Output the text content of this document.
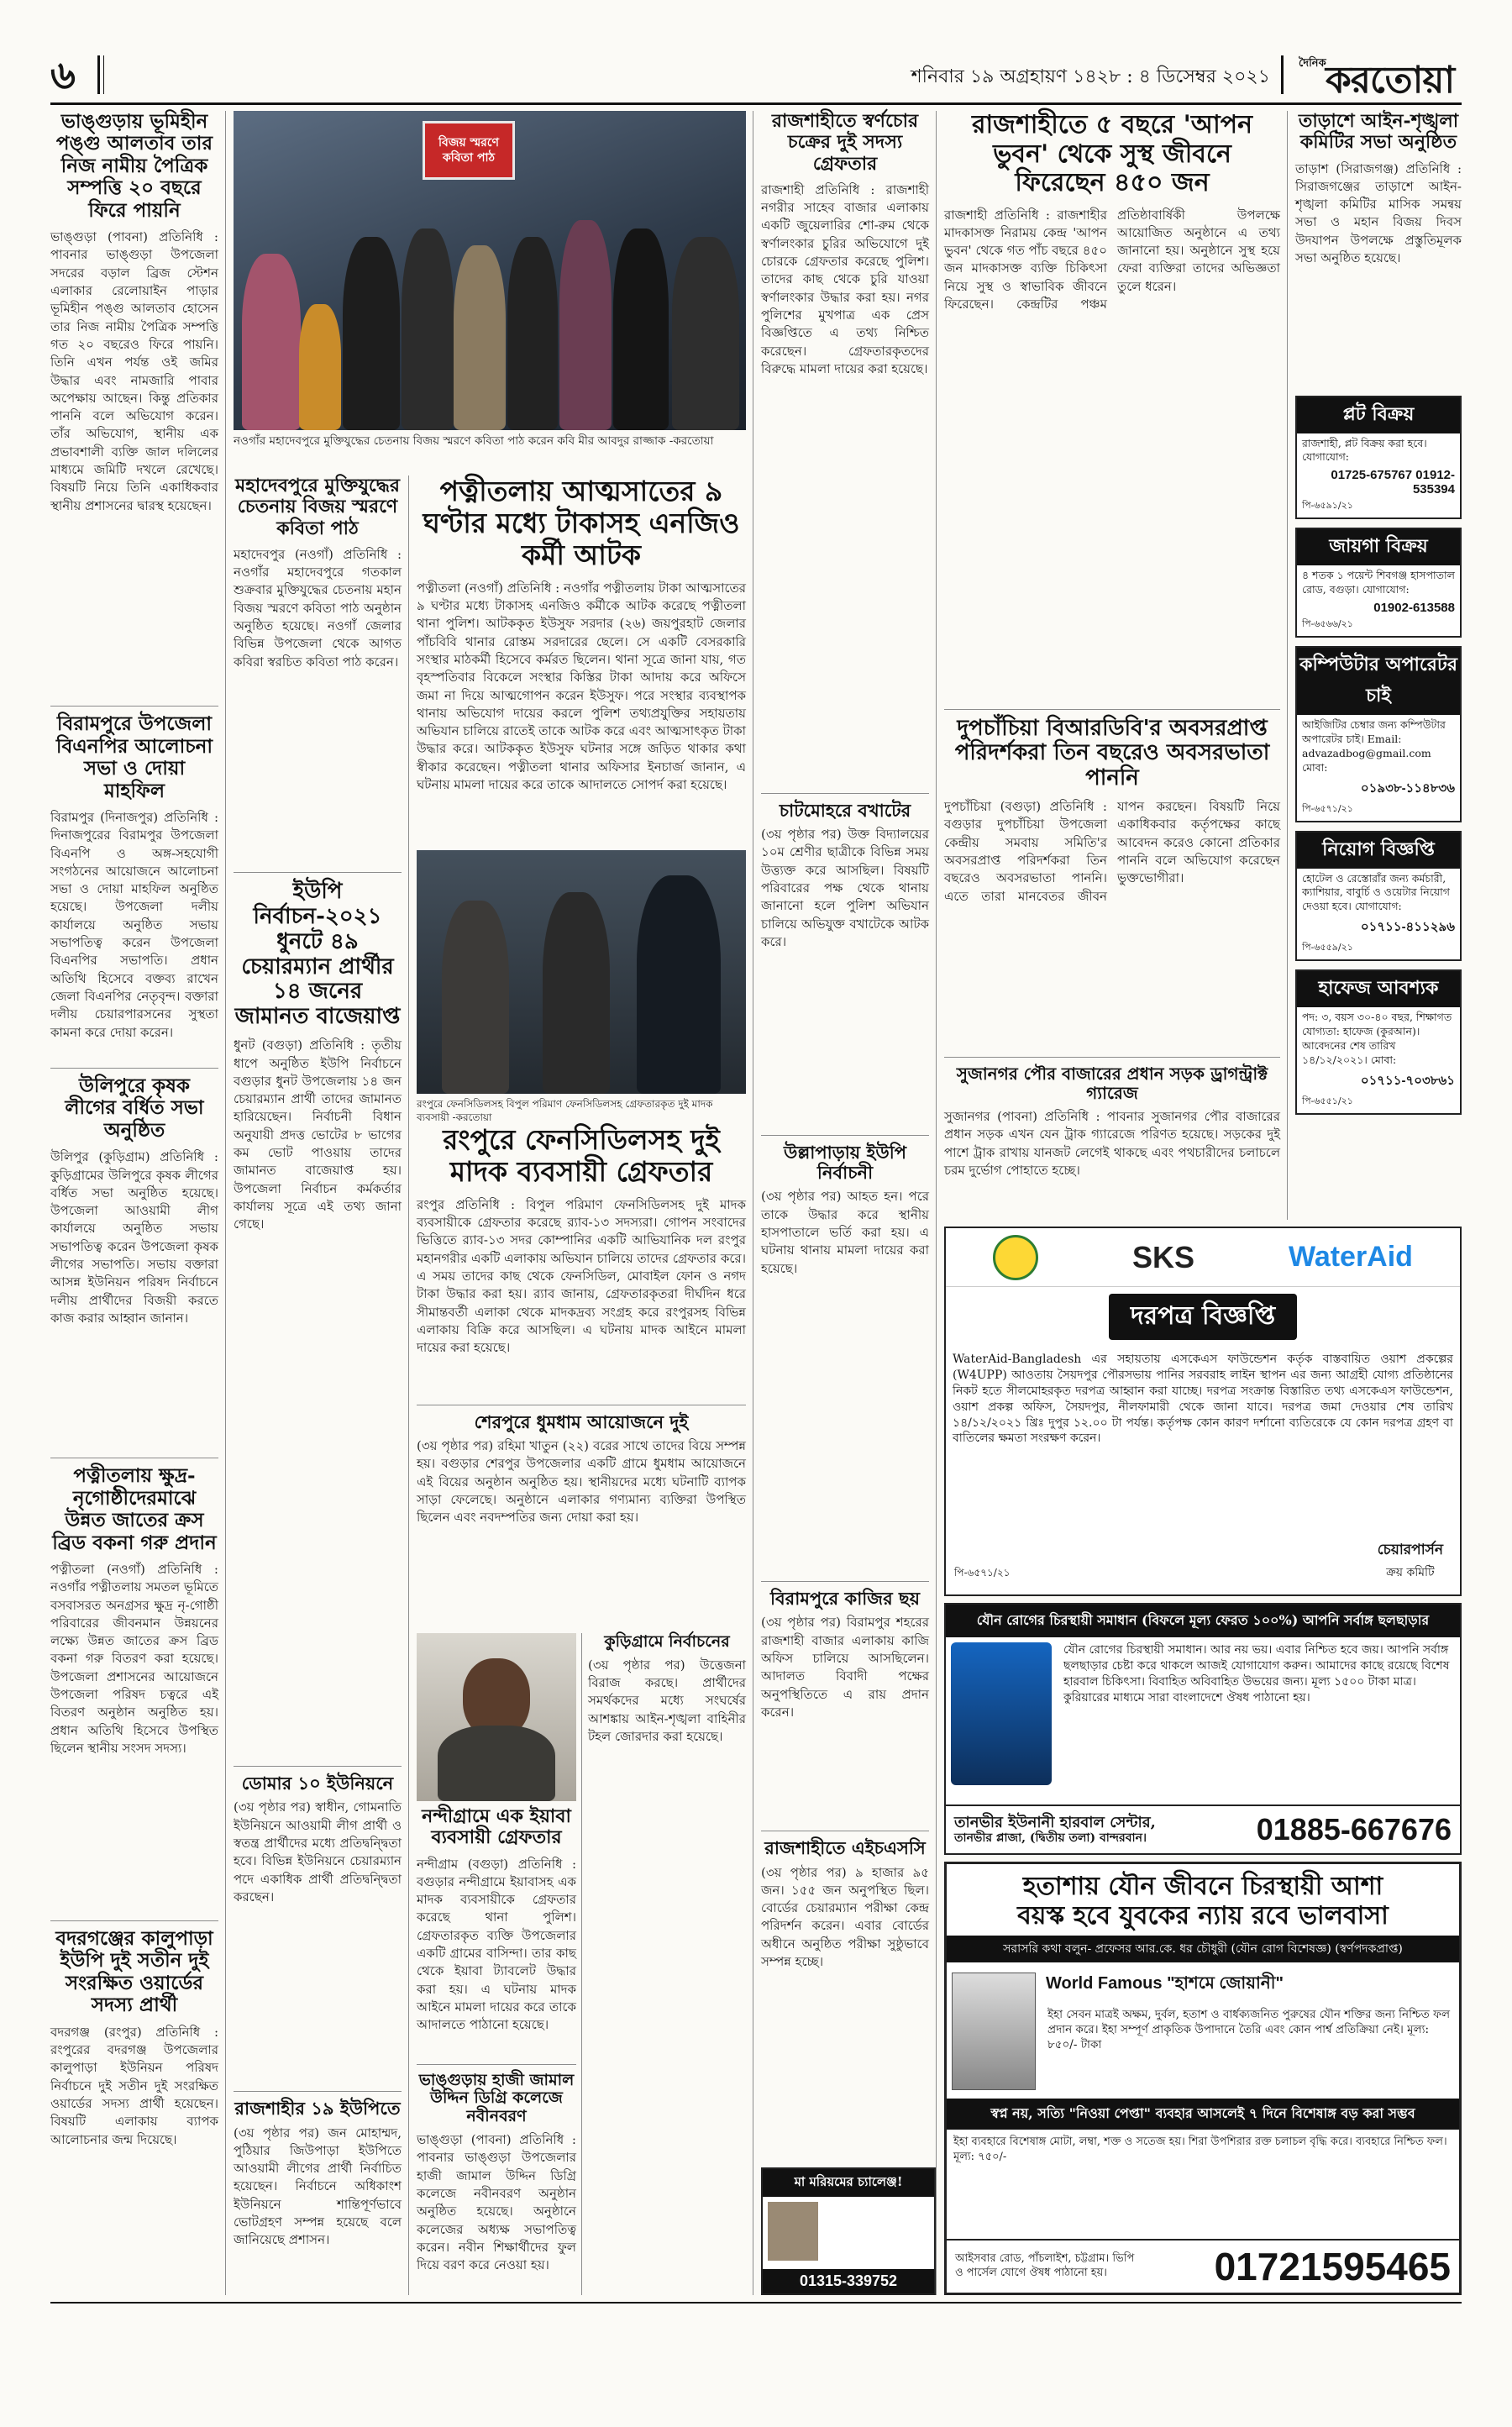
৬	শনিবার ১৯ অগ্রহায়ণ ১৪২৮ : ৪ ডিসেম্বর ২০২১
দৈনিক করতোয়া
ভাঙ্গুড়ায় ভূমিহীন পঙ্গু আলতাব তার নিজ নামীয় পৈত্রিক সম্পত্তি ২০ বছরে ফিরে পায়নি
ভাঙ্গুড়া (পাবনা) প্রতিনিধি : পাবনার ভাঙ্গুড়া উপজেলা সদরের বড়াল ব্রিজ স্টেশন এলাকার রেলোয়াইন পাড়ার ভূমিহীন পঙ্গু আলতাব হোসেন তার নিজ নামীয় পৈত্রিক সম্পত্তি গত ২০ বছরেও ফিরে পায়নি। তিনি এখন পর্যন্ত ওই জমির উদ্ধার এবং নামজারি পাবার অপেক্ষায় আছেন। কিন্তু প্রতিকার পাননি বলে অভিযোগ করেন। তাঁর অভিযোগ, স্থানীয় এক প্রভাবশালী ব্যক্তি জাল দলিলের মাধ্যমে জমিটি দখলে রেখেছে। বিষয়টি নিয়ে তিনি একাধিকবার স্থানীয় প্রশাসনের দ্বারস্থ হয়েছেন।
বিরামপুরে উপজেলা বিএনপির আলোচনা সভা ও দোয়া মাহফিল
বিরামপুর (দিনাজপুর) প্রতিনিধি : দিনাজপুরের বিরামপুর উপজেলা বিএনপি ও অঙ্গ-সহযোগী সংগঠনের আয়োজনে আলোচনা সভা ও দোয়া মাহফিল অনুষ্ঠিত হয়েছে। উপজেলা দলীয় কার্যালয়ে অনুষ্ঠিত সভায় সভাপতিত্ব করেন উপজেলা বিএনপির সভাপতি। প্রধান অতিথি হিসেবে বক্তব্য রাখেন জেলা বিএনপির নেতৃবৃন্দ। বক্তারা দলীয় চেয়ারপারসনের সুস্থতা কামনা করে দোয়া করেন।
উলিপুরে কৃষক লীগের বর্ধিত সভা অনুষ্ঠিত
উলিপুর (কুড়িগ্রাম) প্রতিনিধি : কুড়িগ্রামের উলিপুরে কৃষক লীগের বর্ধিত সভা অনুষ্ঠিত হয়েছে। উপজেলা আওয়ামী লীগ কার্যালয়ে অনুষ্ঠিত সভায় সভাপতিত্ব করেন উপজেলা কৃষক লীগের সভাপতি। সভায় বক্তারা আসন্ন ইউনিয়ন পরিষদ নির্বাচনে দলীয় প্রার্থীদের বিজয়ী করতে কাজ করার আহ্বান জানান।
পত্নীতলায় ক্ষুদ্র-নৃগোষ্ঠীদেরমাঝে উন্নত জাতের ক্রস ব্রিড বকনা গরু প্রদান
পত্নীতলা (নওগাঁ) প্রতিনিধি : নওগাঁর পত্নীতলায় সমতল ভূমিতে বসবাসরত অনগ্রসর ক্ষুদ্র নৃ-গোষ্ঠী পরিবারের জীবনমান উন্নয়নের লক্ষ্যে উন্নত জাতের ক্রস ব্রিড বকনা গরু বিতরণ করা হয়েছে। উপজেলা প্রশাসনের আয়োজনে উপজেলা পরিষদ চত্বরে এই বিতরণ অনুষ্ঠান অনুষ্ঠিত হয়। প্রধান অতিথি হিসেবে উপস্থিত ছিলেন স্থানীয় সংসদ সদস্য।
বদরগঞ্জের কালুপাড়া ইউপি দুই সতীন দুই সংরক্ষিত ওয়ার্ডের সদস্য প্রার্থী
বদরগঞ্জ (রংপুর) প্রতিনিধি : রংপুরের বদরগঞ্জ উপজেলার কালুপাড়া ইউনিয়ন পরিষদ নির্বাচনে দুই সতীন দুই সংরক্ষিত ওয়ার্ডের সদস্য প্রার্থী হয়েছেন। বিষয়টি এলাকায় ব্যাপক আলোচনার জন্ম দিয়েছে।
বিজয় স্মরণে কবিতা পাঠ
নওগাঁর মহাদেবপুরে মুক্তিযুদ্ধের চেতনায় বিজয় স্মরণে কবিতা পাঠ করেন কবি মীর আবদুর রাজ্জাক -করতোয়া
মহাদেবপুরে মুক্তিযুদ্ধের চেতনায় বিজয় স্মরণে কবিতা পাঠ
মহাদেবপুর (নওগাঁ) প্রতিনিধি : নওগাঁর মহাদেবপুরে গতকাল শুক্রবার মুক্তিযুদ্ধের চেতনায় মহান বিজয় স্মরণে কবিতা পাঠ অনুষ্ঠান অনুষ্ঠিত হয়েছে। নওগাঁ জেলার বিভিন্ন উপজেলা থেকে আগত কবিরা স্বরচিত কবিতা পাঠ করেন।
ইউপি নির্বাচন-২০২১ ধুনটে ৪৯ চেয়ারম্যান প্রার্থীর ১৪ জনের জামানত বাজেয়াপ্ত
ধুনট (বগুড়া) প্রতিনিধি : তৃতীয় ধাপে অনুষ্ঠিত ইউপি নির্বাচনে বগুড়ার ধুনট উপজেলায় ১৪ জন চেয়ারম্যান প্রার্থী তাদের জামানত হারিয়েছেন। নির্বাচনী বিধান অনুযায়ী প্রদত্ত ভোটের ৮ ভাগের কম ভোট পাওয়ায় তাদের জামানত বাজেয়াপ্ত হয়। উপজেলা নির্বাচন কর্মকর্তার কার্যালয় সূত্রে এই তথ্য জানা গেছে।
ডোমার ১০ ইউনিয়নে
(৩য় পৃষ্ঠার পর) স্বাধীন, গোমনাতি ইউনিয়নে আওয়ামী লীগ প্রার্থী ও স্বতন্ত্র প্রার্থীদের মধ্যে প্রতিদ্বন্দ্বিতা হবে। বিভিন্ন ইউনিয়নে চেয়ারম্যান পদে একাধিক প্রার্থী প্রতিদ্বন্দ্বিতা করছেন।
রাজশাহীর ১৯ ইউপিতে
(৩য় পৃষ্ঠার পর) জন মোহাম্মদ, পুঠিয়ার জিউপাড়া ইউপিতে আওয়ামী লীগের প্রার্থী নির্বাচিত হয়েছেন। নির্বাচনে অধিকাংশ ইউনিয়নে শান্তিপূর্ণভাবে ভোটগ্রহণ সম্পন্ন হয়েছে বলে জানিয়েছে প্রশাসন।
পত্নীতলায় আত্মসাতের ৯ ঘণ্টার মধ্যে টাকাসহ এনজিও কর্মী আটক
পত্নীতলা (নওগাঁ) প্রতিনিধি : নওগাঁর পত্নীতলায় টাকা আত্মসাতের ৯ ঘণ্টার মধ্যে টাকাসহ এনজিও কর্মীকে আটক করেছে পত্নীতলা থানা পুলিশ। আটককৃত ইউসুফ সরদার (২৬) জয়পুরহাট জেলার পাঁচবিবি থানার রোস্তম সরদারের ছেলে। সে একটি বেসরকারি সংস্থার মাঠকর্মী হিসেবে কর্মরত ছিলেন। থানা সূত্রে জানা যায়, গত বৃহস্পতিবার বিকেলে সংস্থার কিস্তির টাকা আদায় করে অফিসে জমা না দিয়ে আত্মগোপন করেন ইউসুফ। পরে সংস্থার ব্যবস্থাপক থানায় অভিযোগ দায়ের করলে পুলিশ তথ্যপ্রযুক্তির সহায়তায় অভিযান চালিয়ে রাতেই তাকে আটক করে এবং আত্মসাৎকৃত টাকা উদ্ধার করে। আটককৃত ইউসুফ ঘটনার সঙ্গে জড়িত থাকার কথা স্বীকার করেছেন। পত্নীতলা থানার অফিসার ইনচার্জ জানান, এ ঘটনায় মামলা দায়ের করে তাকে আদালতে সোপর্দ করা হয়েছে।
রংপুরে ফেনসিডিলসহ বিপুল পরিমাণ ফেনসিডিলসহ গ্রেফতারকৃত দুই মাদক ব্যবসায়ী -করতোয়া
রংপুরে ফেনসিডিলসহ দুই মাদক ব্যবসায়ী গ্রেফতার
রংপুর প্রতিনিধি : বিপুল পরিমাণ ফেনসিডিলসহ দুই মাদক ব্যবসায়ীকে গ্রেফতার করেছে র‍্যাব-১৩ সদস্যরা। গোপন সংবাদের ভিত্তিতে র‍্যাব-১৩ সদর কোম্পানির একটি আভিযানিক দল রংপুর মহানগরীর একটি এলাকায় অভিযান চালিয়ে তাদের গ্রেফতার করে। এ সময় তাদের কাছ থেকে ফেনসিডিল, মোবাইল ফোন ও নগদ টাকা উদ্ধার করা হয়। র‍্যাব জানায়, গ্রেফতারকৃতরা দীর্ঘদিন ধরে সীমান্তবর্তী এলাকা থেকে মাদকদ্রব্য সংগ্রহ করে রংপুরসহ বিভিন্ন এলাকায় বিক্রি করে আসছিল। এ ঘটনায় মাদক আইনে মামলা দায়ের করা হয়েছে।
শেরপুরে ধুমধাম আয়োজনে দুই
(৩য় পৃষ্ঠার পর) রহিমা খাতুন (২২) বরের সাথে তাদের বিয়ে সম্পন্ন হয়। বগুড়ার শেরপুর উপজেলার একটি গ্রামে ধুমধাম আয়োজনে এই বিয়ের অনুষ্ঠান অনুষ্ঠিত হয়। স্থানীয়দের মধ্যে ঘটনাটি ব্যাপক সাড়া ফেলেছে। অনুষ্ঠানে এলাকার গণ্যমান্য ব্যক্তিরা উপস্থিত ছিলেন এবং নবদম্পতির জন্য দোয়া করা হয়।
নন্দীগ্রামে এক ইয়াবা ব্যবসায়ী গ্রেফতার
নন্দীগ্রাম (বগুড়া) প্রতিনিধি : বগুড়ার নন্দীগ্রামে ইয়াবাসহ এক মাদক ব্যবসায়ীকে গ্রেফতার করেছে থানা পুলিশ। গ্রেফতারকৃত ব্যক্তি উপজেলার একটি গ্রামের বাসিন্দা। তার কাছ থেকে ইয়াবা ট্যাবলেট উদ্ধার করা হয়। এ ঘটনায় মাদক আইনে মামলা দায়ের করে তাকে আদালতে পাঠানো হয়েছে।
ভাঙ্গুড়ায় হাজী জামাল উদ্দিন ডিগ্রি কলেজে নবীনবরণ
ভাঙ্গুড়া (পাবনা) প্রতিনিধি : পাবনার ভাঙ্গুড়া উপজেলার হাজী জামাল উদ্দিন ডিগ্রি কলেজে নবীনবরণ অনুষ্ঠান অনুষ্ঠিত হয়েছে। অনুষ্ঠানে কলেজের অধ্যক্ষ সভাপতিত্ব করেন। নবীন শিক্ষার্থীদের ফুল দিয়ে বরণ করে নেওয়া হয়।
কুড়িগ্রামে নির্বাচনের
(৩য় পৃষ্ঠার পর) উত্তেজনা বিরাজ করছে। প্রার্থীদের সমর্থকদের মধ্যে সংঘর্ষের আশঙ্কায় আইন-শৃঙ্খলা বাহিনীর টহল জোরদার করা হয়েছে।
রাজশাহীতে স্বর্ণচোর চক্রের দুই সদস্য গ্রেফতার
রাজশাহী প্রতিনিধি : রাজশাহী নগরীর সাহেব বাজার এলাকায় একটি জুয়েলারির শো-রুম থেকে স্বর্ণালংকার চুরির অভিযোগে দুই চোরকে গ্রেফতার করেছে পুলিশ। তাদের কাছ থেকে চুরি যাওয়া স্বর্ণালংকার উদ্ধার করা হয়। নগর পুলিশের মুখপাত্র এক প্রেস বিজ্ঞপ্তিতে এ তথ্য নিশ্চিত করেছেন। গ্রেফতারকৃতদের বিরুদ্ধে মামলা দায়ের করা হয়েছে।
চাটমোহরে বখাটের
(৩য় পৃষ্ঠার পর) উক্ত বিদ্যালয়ের ১০ম শ্রেণীর ছাত্রীকে বিভিন্ন সময় উত্ত্যক্ত করে আসছিল। বিষয়টি পরিবারের পক্ষ থেকে থানায় জানানো হলে পুলিশ অভিযান চালিয়ে অভিযুক্ত বখাটেকে আটক করে।
উল্লাপাড়ায় ইউপি নির্বাচনী
(৩য় পৃষ্ঠার পর) আহত হন। পরে তাকে উদ্ধার করে স্থানীয় হাসপাতালে ভর্তি করা হয়। এ ঘটনায় থানায় মামলা দায়ের করা হয়েছে।
বিরামপুরে কাজির ছয়
(৩য় পৃষ্ঠার পর) বিরামপুর শহরের রাজশাহী বাজার এলাকায় কাজি অফিস চালিয়ে আসছিলেন। আদালত বিবাদী পক্ষের অনুপস্থিতিতে এ রায় প্রদান করেন।
রাজশাহীতে এইচএসসি
(৩য় পৃষ্ঠার পর) ৯ হাজার ৯৫ জন। ১৫৫ জন অনুপস্থিত ছিল। বোর্ডের চেয়ারম্যান পরীক্ষা কেন্দ্র পরিদর্শন করেন। এবার বোর্ডের অধীনে অনুষ্ঠিত পরীক্ষা সুষ্ঠুভাবে সম্পন্ন হচ্ছে।
রাজশাহীতে ৫ বছরে 'আপন ভুবন' থেকে সুস্থ জীবনে ফিরেছেন ৪৫০ জন
রাজশাহী প্রতিনিধি : রাজশাহীর মাদকাসক্ত নিরাময় কেন্দ্র 'আপন ভুবন' থেকে গত পাঁচ বছরে ৪৫০ জন মাদকাসক্ত ব্যক্তি চিকিৎসা নিয়ে সুস্থ ও স্বাভাবিক জীবনে ফিরেছেন। কেন্দ্রটির পঞ্চম প্রতিষ্ঠাবার্ষিকী উপলক্ষে আয়োজিত অনুষ্ঠানে এ তথ্য জানানো হয়। অনুষ্ঠানে সুস্থ হয়ে ফেরা ব্যক্তিরা তাদের অভিজ্ঞতা তুলে ধরেন।
দুপচাঁচিয়া বিআরডিবি'র অবসরপ্রাপ্ত পরিদর্শকরা তিন বছরেও অবসরভাতা পাননি
দুপচাঁচিয়া (বগুড়া) প্রতিনিধি : বগুড়ার দুপচাঁচিয়া উপজেলা কেন্দ্রীয় সমবায় সমিতি'র অবসরপ্রাপ্ত পরিদর্শকরা তিন বছরেও অবসরভাতা পাননি। এতে তারা মানবেতর জীবন যাপন করছেন। বিষয়টি নিয়ে একাধিকবার কর্তৃপক্ষের কাছে আবেদন করেও কোনো প্রতিকার পাননি বলে অভিযোগ করেছেন ভুক্তভোগীরা।
সুজানগর পৌর বাজারের প্রধান সড়ক ড্রাগন্ট্রাক্ট গ্যারেজ
সুজানগর (পাবনা) প্রতিনিধি : পাবনার সুজানগর পৌর বাজারের প্রধান সড়ক এখন যেন ট্রাক গ্যারেজে পরিণত হয়েছে। সড়কের দুই পাশে ট্রাক রাখায় যানজট লেগেই থাকছে এবং পথচারীদের চলাচলে চরম দুর্ভোগ পোহাতে হচ্ছে।
তাড়াশে আইন-শৃঙ্খলা কমিটির সভা অনুষ্ঠিত
তাড়াশ (সিরাজগঞ্জ) প্রতিনিধি : সিরাজগঞ্জের তাড়াশে আইন-শৃঙ্খলা কমিটির মাসিক সমন্বয় সভা ও মহান বিজয় দিবস উদযাপন উপলক্ষে প্রস্তুতিমূলক সভা অনুষ্ঠিত হয়েছে।
প্লট বিক্রয়
রাজশাহী, প্লট বিক্রয় করা হবে। যোগাযোগ:
01725-675767 01912-535394
পি-৬৫৯১/২১
জায়গা বিক্রয়
৪ শতক ১ পয়েন্ট শিবগঞ্জ হাসপাতাল রোড, বগুড়া। যোগাযোগ:
01902-613588
পি-৬৫৬৬/২১
কম্পিউটার অপারেটর চাই
আইজিটির চেম্বার জন্য কম্পিউটার অপারেটর চাই। Email: advazadbog@gmail.com মোবা:
০১৯৩৮-১১৪৮৩৬
পি-৬৫৭১/২১
নিয়োগ বিজ্ঞপ্তি
হোটেল ও রেস্তোরাঁর জন্য কর্মচারী, ক্যাশিয়ার, বাবুর্চি ও ওয়েটার নিয়োগ দেওয়া হবে। যোগাযোগ:
০১৭১১-৪১১২৯৬
পি-৬৫৫৯/২১
হাফেজ আবশ্যক
পদ: ৩, বয়স ৩০-৪০ বছর, শিক্ষাগত যোগ্যতা: হাফেজ (কুরআন)। আবেদনের শেষ তারিখ ১৪/১২/২০২১। মোবা:
০১৭১১-৭০৩৮৬১
পি-৬৫৫১/২১
SKS	WaterAid
দরপত্র বিজ্ঞপ্তি
WaterAid-Bangladesh এর সহায়তায় এসকেএস ফাউন্ডেশন কর্তৃক বাস্তবায়িত ওয়াশ প্রকল্পের (W4UPP) আওতায় সৈয়দপুর পৌরসভায় পানির সরবরাহ লাইন স্থাপন এর জন্য আগ্রহী যোগ্য প্রতিষ্ঠানের নিকট হতে সীলমোহরকৃত দরপত্র আহ্বান করা যাচ্ছে। দরপত্র সংক্রান্ত বিস্তারিত তথ্য এসকেএস ফাউন্ডেশন, ওয়াশ প্রকল্প অফিস, সৈয়দপুর, নীলফামারী থেকে জানা যাবে। দরপত্র জমা দেওয়ার শেষ তারিখ ১৪/১২/২০২১ খ্রিঃ দুপুর ১২.০০ টা পর্যন্ত। কর্তৃপক্ষ কোন কারণ দর্শানো ব্যতিরেকে যে কোন দরপত্র গ্রহণ বা বাতিলের ক্ষমতা সংরক্ষণ করেন।
চেয়ারপার্সন
ক্রয় কমিটি
পি-৬৫৭১/২১
যৌন রোগের চিরস্থায়ী সমাধান (বিফলে মূল্য ফেরত ১০০%) আপনি সর্বাঙ্গ ছলছাড়ার
যৌন রোগের চিরস্থায়ী সমাধান। আর নয় ভয়। এবার নিশ্চিত হবে জয়। আপনি সর্বাঙ্গ ছলছাড়ার চেষ্টা করে থাকলে আজই যোগাযোগ করুন। আমাদের কাছে রয়েছে বিশেষ হারবাল চিকিৎসা। বিবাহিত অবিবাহিত উভয়ের জন্য। মূল্য ১৫০০ টাকা মাত্র। কুরিয়ারের মাধ্যমে সারা বাংলাদেশে ঔষধ পাঠানো হয়।
তানভীর ইউনানী হারবাল সেন্টার,
তানভীর প্লাজা, (দ্বিতীয় তলা) বান্দরবান।	01885-667676
হতাশায় যৌন জীবনে চিরস্থায়ী আশা
বয়স্ক হবে যুবকের ন্যায় রবে ভালবাসা
সরাসরি কথা বলুন- প্রফেসর আর.কে. ধর চৌধুরী (যৌন রোগ বিশেষজ্ঞ) (স্বর্ণপদকপ্রাপ্ত)
World Famous "হাশমে জোয়ানী"
ইহা সেবন মাত্রই অক্ষম, দুর্বল, হতাশ ও বার্ধক্যজনিত পুরুষের যৌন শক্তির জন্য নিশ্চিত ফল প্রদান করে। ইহা সম্পূর্ণ প্রাকৃতিক উপাদানে তৈরি এবং কোন পার্শ্ব প্রতিক্রিয়া নেই। মূল্য: ৮৫০/- টাকা
স্বপ্ন নয়, সত্যি "নিওয়া পেপ্তা" ব্যবহার আসলেই ৭ দিনে বিশেষাঙ্গ বড় করা সম্ভব
ইহা ব্যবহারে বিশেষাঙ্গ মোটা, লম্বা, শক্ত ও সতেজ হয়। শিরা উপশিরার রক্ত চলাচল বৃদ্ধি করে। ব্যবহারে নিশ্চিত ফল। মূল্য: ৭৫০/-
আইসবার রোড, পাঁচলাইশ, চট্টগ্রাম। ভিপি ও পার্সেল যোগে ঔষধ পাঠানো হয়।	01721595465
মা মরিয়মের চ্যালেঞ্জ!
01315-339752
